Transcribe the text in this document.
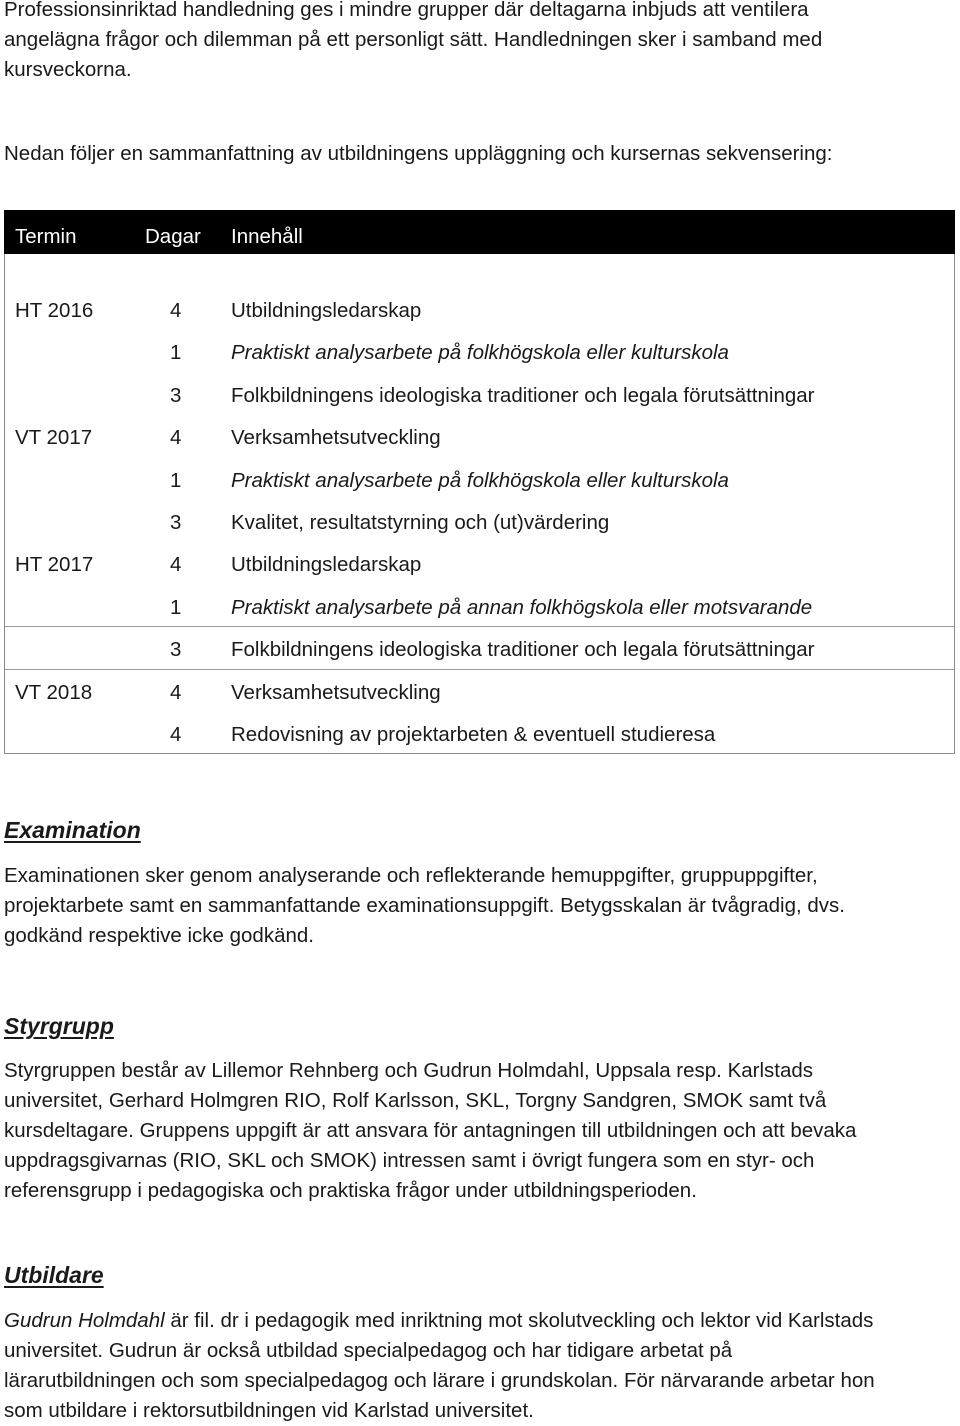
Professionsinriktad handledning ges i mindre grupper där deltagarna inbjuds att ventilera
angelägna frågor och dilemman på ett personligt sätt. Handledningen sker i samband med
kursveckorna.

Nedan följer en sammanfattning av utbildningens uppläggning och kursernas sekvensering:

Termin	Dagar Innehåll
HT 2016	4 Utbildningsledarskap
1 Praktiskt analysarbete på folkhögskola eller kulturskola
3 Folkbildningens ideologiska traditioner och legala förutsättningar
VT 2017	4 Verksamhetsutveckling
1 Praktiskt analysarbete på folkhögskola eller kulturskola
3 Kvalitet, resultatstyrning och (ut)värdering
HT 2017	4 Utbildningsledarskap
1 Praktiskt analysarbete på annan folkhögskola eller motsvarande
3 Folkbildningens ideologiska traditioner och legala förutsättningar
VT 2018	4 Verksamhetsutveckling
4 Redovisning av projektarbeten & eventuell studieresa
Examination
Examinationen sker genom analyserande och reflekterande hemuppgifter, gruppuppgifter,
projektarbete samt en sammanfattande examinationsuppgift. Betygsskalan är tvågradig, dvs.
godkänd respektive icke godkänd.
Styrgrupp
Styrgruppen består av Lillemor Rehnberg och Gudrun Holmdahl, Uppsala resp. Karlstads
universitet, Gerhard Holmgren RIO, Rolf Karlsson, SKL, Torgny Sandgren, SMOK samt två
kursdeltagare. Gruppens uppgift är att ansvara för antagningen till utbildningen och att bevaka
uppdragsgivarnas (RIO, SKL och SMOK) intressen samt i övrigt fungera som en styr- och
referensgrupp i pedagogiska och praktiska frågor under utbildningsperioden.
Utbildare
Gudrun Holmdahl är fil. dr i pedagogik med inriktning mot skolutveckling och lektor vid Karlstads
universitet. Gudrun är också utbildad specialpedagog och har tidigare arbetat på
lärarutbildningen och som specialpedagog och lärare i grundskolan. För närvarande arbetar hon
som utbildare i rektorsutbildningen vid Karlstad universitet.
